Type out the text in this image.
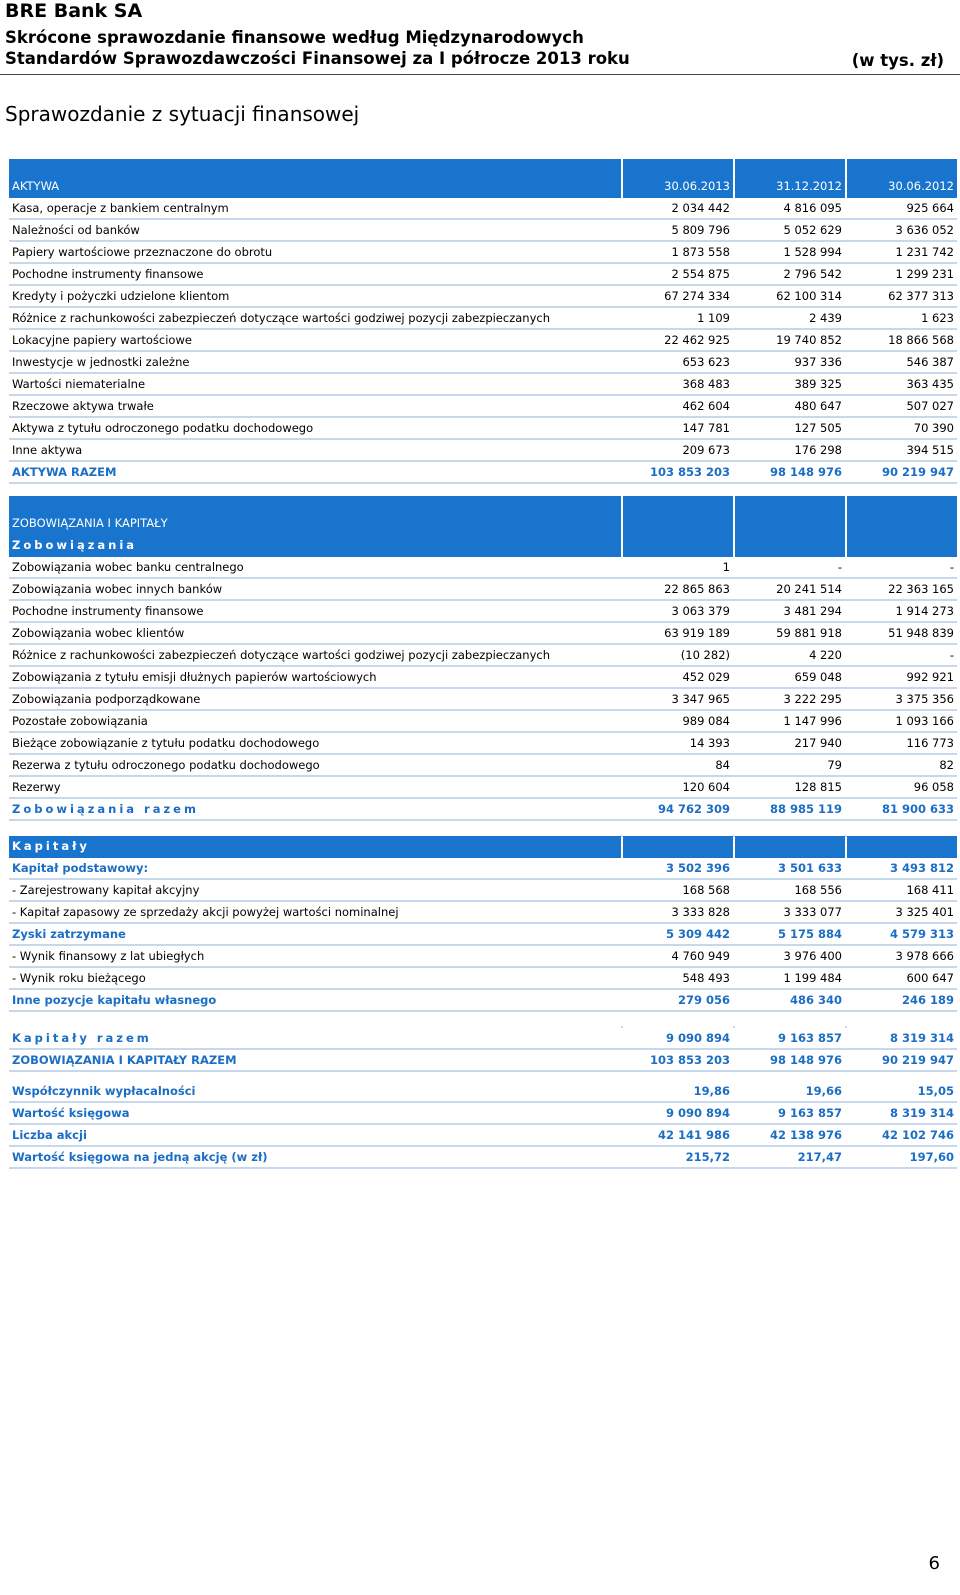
BRE Bank SA
Skrócone sprawozdanie finansowe według Międzynarodowych
Standardów Sprawozdawczości Finansowej za I półrocze 2013 roku	(w tys. zł)
Sprawozdanie z sytuacji finansowej
AKTYWA		30.06.2013		31.12.2012		30.06.2012
Kasa, operacje z bankiem centralnym		2 034 442		4 816 095		925 664
Należności od banków		5 809 796		5 052 629		3 636 052
Papiery wartościowe przeznaczone do obrotu		1 873 558		1 528 994		1 231 742
Pochodne instrumenty finansowe		2 554 875		2 796 542		1 299 231
Kredyty i pożyczki udzielone klientom		67 274 334		62 100 314		62 377 313
Różnice z rachunkowości zabezpieczeń dotyczące wartości godziwej pozycji zabezpieczanych		1 109		2 439		1 623
Lokacyjne papiery wartościowe		22 462 925		19 740 852		18 866 568
Inwestycje w jednostki zależne		653 623		937 336		546 387
Wartości niematerialne		368 483		389 325		363 435
Rzeczowe aktywa trwałe		462 604		480 647		507 027
Aktywa z tytułu odroczonego podatku dochodowego		147 781		127 505		70 390
Inne aktywa		209 673		176 298		394 515
AKTYWA RAZEM		103 853 203		98 148 976		90 219 947
ZOBOWIĄZANIA I KAPITAŁY						
Zobowiązania						
Zobowiązania wobec banku centralnego		1		-		-
Zobowiązania wobec innych banków		22 865 863		20 241 514		22 363 165
Pochodne instrumenty finansowe		3 063 379		3 481 294		1 914 273
Zobowiązania wobec klientów		63 919 189		59 881 918		51 948 839
Różnice z rachunkowości zabezpieczeń dotyczące wartości godziwej pozycji zabezpieczanych		(10 282)		4 220		-
Zobowiązania z tytułu emisji dłużnych papierów wartościowych		452 029		659 048		992 921
Zobowiązania podporządkowane		3 347 965		3 222 295		3 375 356
Pozostałe zobowiązania		989 084		1 147 996		1 093 166
Bieżące zobowiązanie z tytułu podatku dochodowego		14 393		217 940		116 773
Rezerwa z tytułu odroczonego podatku dochodowego		84		79		82
Rezerwy		120 604		128 815		96 058
Zobowiązania razem		94 762 309		88 985 119		81 900 633

Kapitały						
Kapitał podstawowy:		3 502 396		3 501 633		3 493 812
- Zarejestrowany kapitał akcyjny		168 568		168 556		168 411
- Kapitał zapasowy ze sprzedaży akcji powyżej wartości nominalnej		3 333 828		3 333 077		3 325 401
Zyski zatrzymane		5 309 442		5 175 884		4 579 313
- Wynik finansowy z lat ubiegłych		4 760 949		3 976 400		3 978 666
- Wynik roku bieżącego		548 493		1 199 484		600 647
Inne pozycje kapitału własnego		279 056		486 340		246 189

Kapitały razem		9 090 894		9 163 857		8 319 314
ZOBOWIĄZANIA I KAPITAŁY RAZEM		103 853 203		98 148 976		90 219 947
Współczynnik wypłacalności		19,86		19,66		15,05
Wartość księgowa		9 090 894		9 163 857		8 319 314
Liczba akcji		42 141 986		42 138 976		42 102 746
Wartość księgowa na jedną akcję (w zł)		215,72		217,47		197,60
6
